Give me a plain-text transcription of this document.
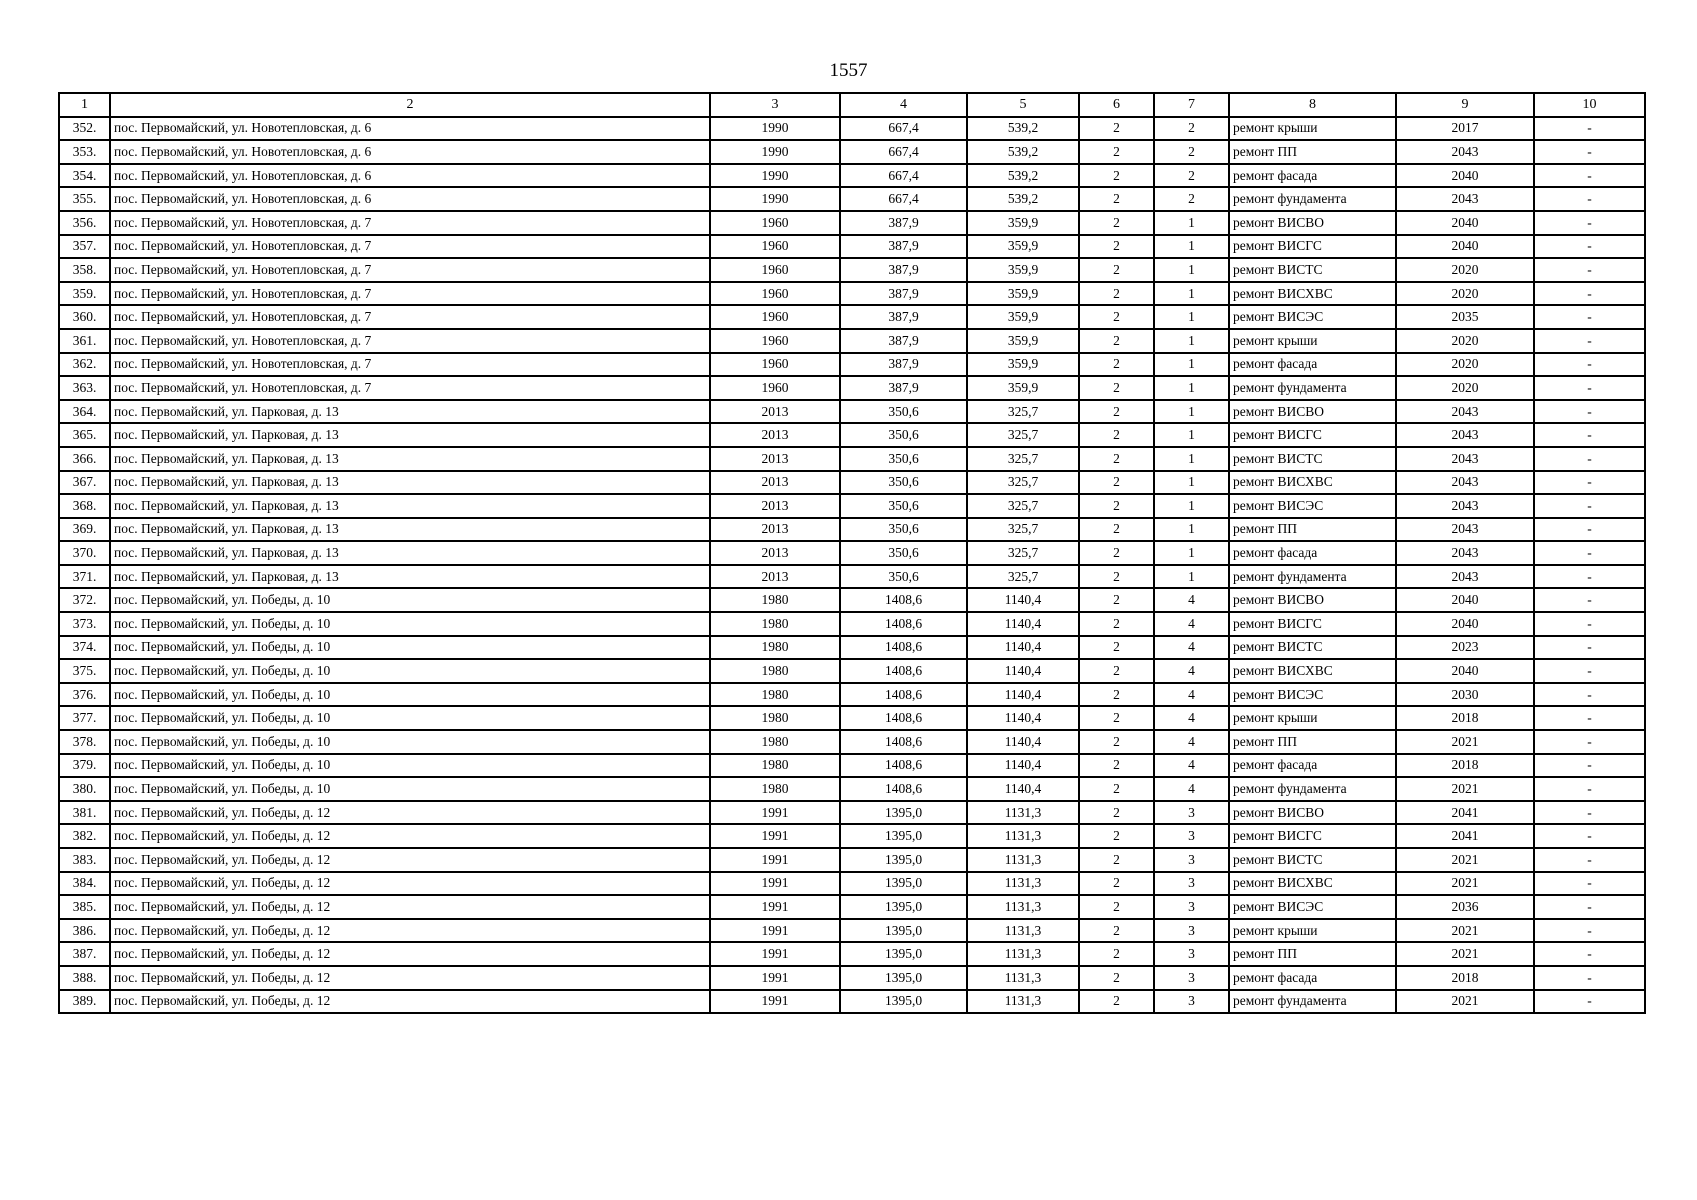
1557
1	2	3	4	5	6	7	8	9	10
352.	пос. Первомайский, ул. Новотепловская, д. 6	1990	667,4	539,2	2	2	ремонт крыши	2017	-
353.	пос. Первомайский, ул. Новотепловская, д. 6	1990	667,4	539,2	2	2	ремонт ПП	2043	-
354.	пос. Первомайский, ул. Новотепловская, д. 6	1990	667,4	539,2	2	2	ремонт фасада	2040	-
355.	пос. Первомайский, ул. Новотепловская, д. 6	1990	667,4	539,2	2	2	ремонт фундамента	2043	-
356.	пос. Первомайский, ул. Новотепловская, д. 7	1960	387,9	359,9	2	1	ремонт ВИСВО	2040	-
357.	пос. Первомайский, ул. Новотепловская, д. 7	1960	387,9	359,9	2	1	ремонт ВИСГС	2040	-
358.	пос. Первомайский, ул. Новотепловская, д. 7	1960	387,9	359,9	2	1	ремонт ВИСТС	2020	-
359.	пос. Первомайский, ул. Новотепловская, д. 7	1960	387,9	359,9	2	1	ремонт ВИСХВС	2020	-
360.	пос. Первомайский, ул. Новотепловская, д. 7	1960	387,9	359,9	2	1	ремонт ВИСЭС	2035	-
361.	пос. Первомайский, ул. Новотепловская, д. 7	1960	387,9	359,9	2	1	ремонт крыши	2020	-
362.	пос. Первомайский, ул. Новотепловская, д. 7	1960	387,9	359,9	2	1	ремонт фасада	2020	-
363.	пос. Первомайский, ул. Новотепловская, д. 7	1960	387,9	359,9	2	1	ремонт фундамента	2020	-
364.	пос. Первомайский, ул. Парковая, д. 13	2013	350,6	325,7	2	1	ремонт ВИСВО	2043	-
365.	пос. Первомайский, ул. Парковая, д. 13	2013	350,6	325,7	2	1	ремонт ВИСГС	2043	-
366.	пос. Первомайский, ул. Парковая, д. 13	2013	350,6	325,7	2	1	ремонт ВИСТС	2043	-
367.	пос. Первомайский, ул. Парковая, д. 13	2013	350,6	325,7	2	1	ремонт ВИСХВС	2043	-
368.	пос. Первомайский, ул. Парковая, д. 13	2013	350,6	325,7	2	1	ремонт ВИСЭС	2043	-
369.	пос. Первомайский, ул. Парковая, д. 13	2013	350,6	325,7	2	1	ремонт ПП	2043	-
370.	пос. Первомайский, ул. Парковая, д. 13	2013	350,6	325,7	2	1	ремонт фасада	2043	-
371.	пос. Первомайский, ул. Парковая, д. 13	2013	350,6	325,7	2	1	ремонт фундамента	2043	-
372.	пос. Первомайский, ул. Победы, д. 10	1980	1408,6	1140,4	2	4	ремонт ВИСВО	2040	-
373.	пос. Первомайский, ул. Победы, д. 10	1980	1408,6	1140,4	2	4	ремонт ВИСГС	2040	-
374.	пос. Первомайский, ул. Победы, д. 10	1980	1408,6	1140,4	2	4	ремонт ВИСТС	2023	-
375.	пос. Первомайский, ул. Победы, д. 10	1980	1408,6	1140,4	2	4	ремонт ВИСХВС	2040	-
376.	пос. Первомайский, ул. Победы, д. 10	1980	1408,6	1140,4	2	4	ремонт ВИСЭС	2030	-
377.	пос. Первомайский, ул. Победы, д. 10	1980	1408,6	1140,4	2	4	ремонт крыши	2018	-
378.	пос. Первомайский, ул. Победы, д. 10	1980	1408,6	1140,4	2	4	ремонт ПП	2021	-
379.	пос. Первомайский, ул. Победы, д. 10	1980	1408,6	1140,4	2	4	ремонт фасада	2018	-
380.	пос. Первомайский, ул. Победы, д. 10	1980	1408,6	1140,4	2	4	ремонт фундамента	2021	-
381.	пос. Первомайский, ул. Победы, д. 12	1991	1395,0	1131,3	2	3	ремонт ВИСВО	2041	-
382.	пос. Первомайский, ул. Победы, д. 12	1991	1395,0	1131,3	2	3	ремонт ВИСГС	2041	-
383.	пос. Первомайский, ул. Победы, д. 12	1991	1395,0	1131,3	2	3	ремонт ВИСТС	2021	-
384.	пос. Первомайский, ул. Победы, д. 12	1991	1395,0	1131,3	2	3	ремонт ВИСХВС	2021	-
385.	пос. Первомайский, ул. Победы, д. 12	1991	1395,0	1131,3	2	3	ремонт ВИСЭС	2036	-
386.	пос. Первомайский, ул. Победы, д. 12	1991	1395,0	1131,3	2	3	ремонт крыши	2021	-
387.	пос. Первомайский, ул. Победы, д. 12	1991	1395,0	1131,3	2	3	ремонт ПП	2021	-
388.	пос. Первомайский, ул. Победы, д. 12	1991	1395,0	1131,3	2	3	ремонт фасада	2018	-
389.	пос. Первомайский, ул. Победы, д. 12	1991	1395,0	1131,3	2	3	ремонт фундамента	2021	-
